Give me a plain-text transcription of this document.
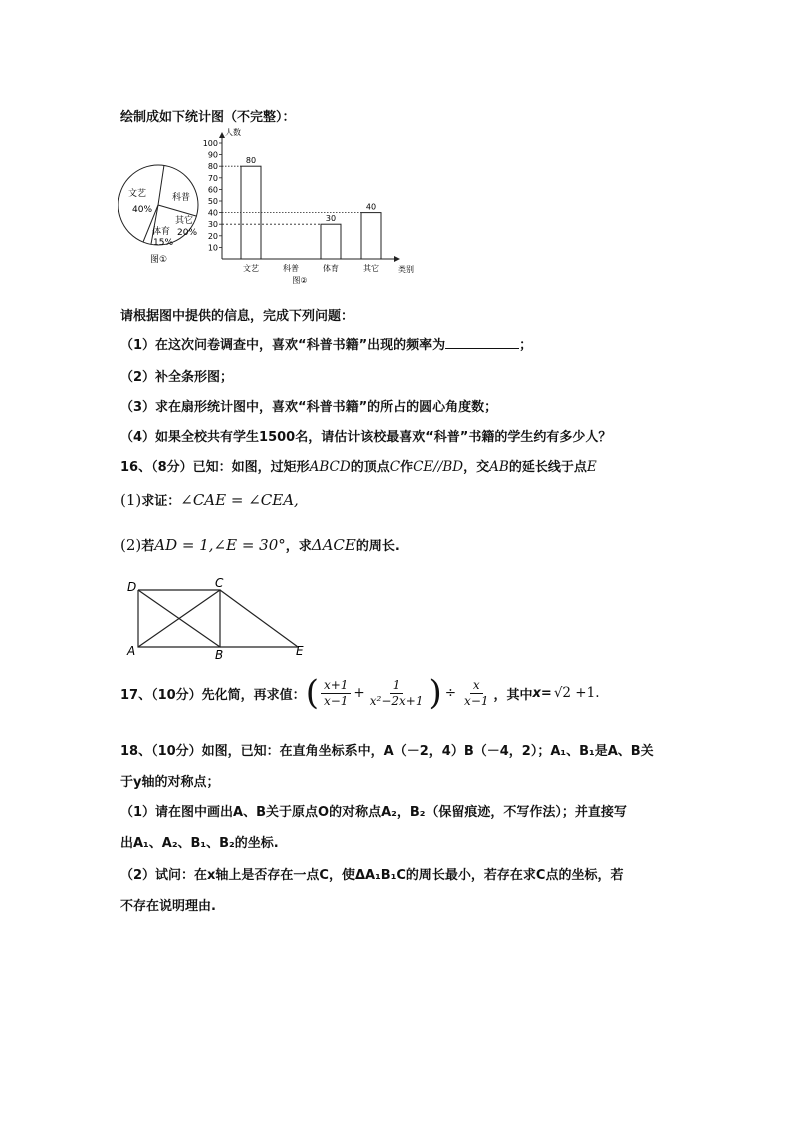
绘制成如下统计图（不完整）：
文艺
40%
科普
其它
20%
体育
15%
图①
人数
类别
10
20
30
40
50
60
70
80
90
100
文艺
80
科普	体育
30
其它
40
图②
请根据图中提供的信息，完成下列问题：
（1）在这次问卷调查中，喜欢“科普书籍”出现的频率为	；
（2）补全条形图；
（3）求在扇形统计图中，喜欢“科普书籍”的所占的圆心角度数；
（4）如果全校共有学生1500名，请估计该校最喜欢“科普”书籍的学生约有多少人？
16、（8分）已知：如图，过矩形ABCD的顶点C作CE//BD，交AB的延长线于点E
(1)求证：∠CAE = ∠CEA,
(2)若AD = 1,∠E = 30°，求ΔACE的周长.
D	C
A	B	E
17、（10分）先化简，再求值： ( $\frac{x+1}{x-1} + \frac{1}{\text{x²−2x+1}}$ ) ÷ $\frac{x}{x-1}$ ，其中 x= √2 +1 .
18、（10分）如图，已知：在直角坐标系中，A（－2，4）B（－4，2）；A₁、B₁是A、B关
于y轴的对称点；
（1）请在图中画出A、B关于原点O的对称点A₂，B₂（保留痕迹，不写作法）；并直接写
出A₁、A₂、B₁、B₂的坐标.
（2）试问：在x轴上是否存在一点C，使ΔA₁B₁C的周长最小，若存在求C点的坐标，若
不存在说明理由.
